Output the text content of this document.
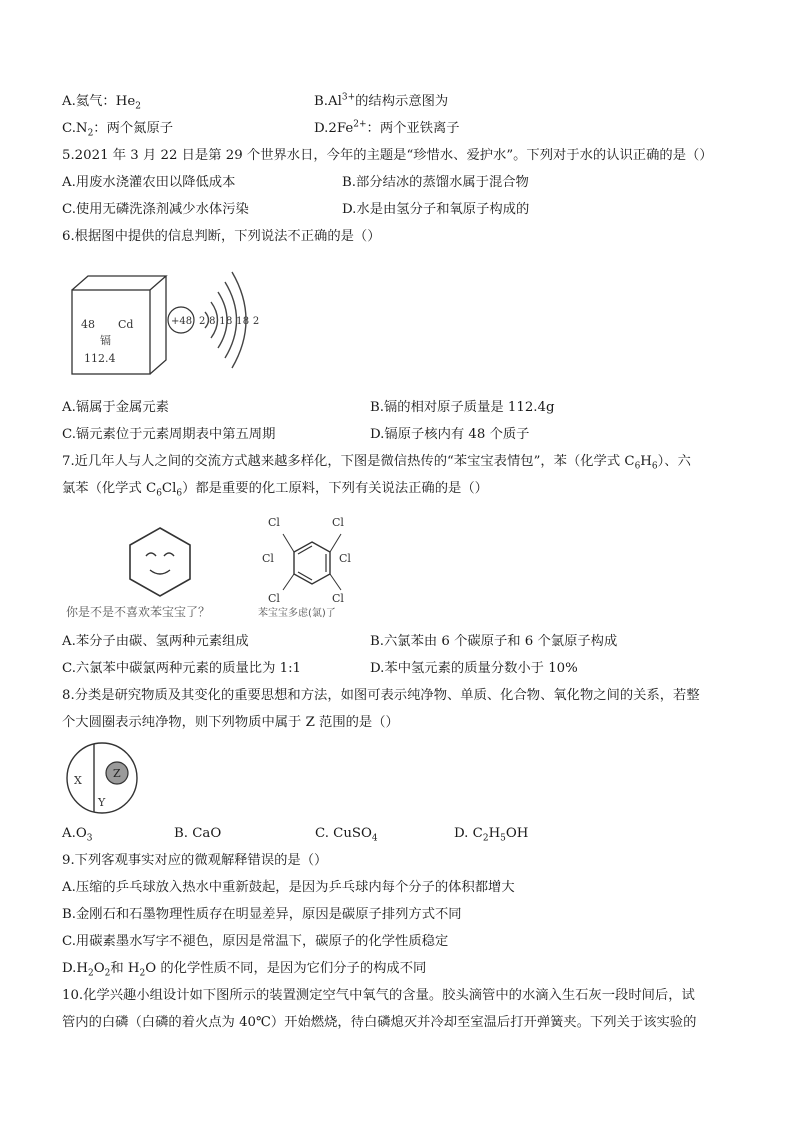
A.氦气：$He_2$	$B.Al^{3+}$的结构示意图为
$C.N_2$：两个氮原子	$D.2Fe^{2+}$：两个亚铁离子
5.2021 年 3 月 22 日是第 29 个世界水日，今年的主题是“珍惜水、爱护水”。下列对于水的认识正确的是（）
A.用废水浇灌农田以降低成本	B.部分结冰的蒸馏水属于混合物
C.使用无磷洗涤剂减少水体污染	D.水是由氢分子和氧原子构成的
6.根据图中提供的信息判断，下列说法不正确的是（）
48 Cd
镉
112.4
+48 2 8 18 18 2
A.镉属于金属元素	B.镉的相对原子质量是 112.4g
C.镉元素位于元素周期表中第五周期	D.镉原子核内有 48 个质子
7.近几年人与人之间的交流方式越来越多样化，下图是微信热传的“苯宝宝表情包”，苯（化学式 $C_6H_6$）、六
氯苯（化学式 $C_6Cl_6$）都是重要的化工原料，下列有关说法正确的是（）
Cl	Cl
Cl	Cl
Cl	Cl
你是不是不喜欢苯宝宝了？	苯宝宝多虑(氯)了
A.苯分子由碳、氢两种元素组成	B.六氯苯由 6 个碳原子和 6 个氯原子构成
C.六氯苯中碳氯两种元素的质量比为 1:1	D.苯中氢元素的质量分数小于 10%
8.分类是研究物质及其变化的重要思想和方法，如图可表示纯净物、单质、化合物、氧化物之间的关系，若整
个大圆圈表示纯净物，则下列物质中属于 Z 范围的是（）
X
Z
Y
$A.O_3$	B. CaO	C. CuSO$_4$	D. $C_2H_5OH$
9.下列客观事实对应的微观解释错误的是（）
A.压缩的乒乓球放入热水中重新鼓起，是因为乒乓球内每个分子的体积都增大
B.金刚石和石墨物理性质存在明显差异，原因是碳原子排列方式不同
C.用碳素墨水写字不褪色，原因是常温下，碳原子的化学性质稳定
$D.H_2O_2$和 $H_2O$ 的化学性质不同，是因为它们分子的构成不同
10.化学兴趣小组设计如下图所示的装置测定空气中氧气的含量。胶头滴管中的水滴入生石灰一段时间后，试
管内的白磷（白磷的着火点为 40℃）开始燃烧，待白磷熄灭并冷却至室温后打开弹簧夹。下列关于该实验的
